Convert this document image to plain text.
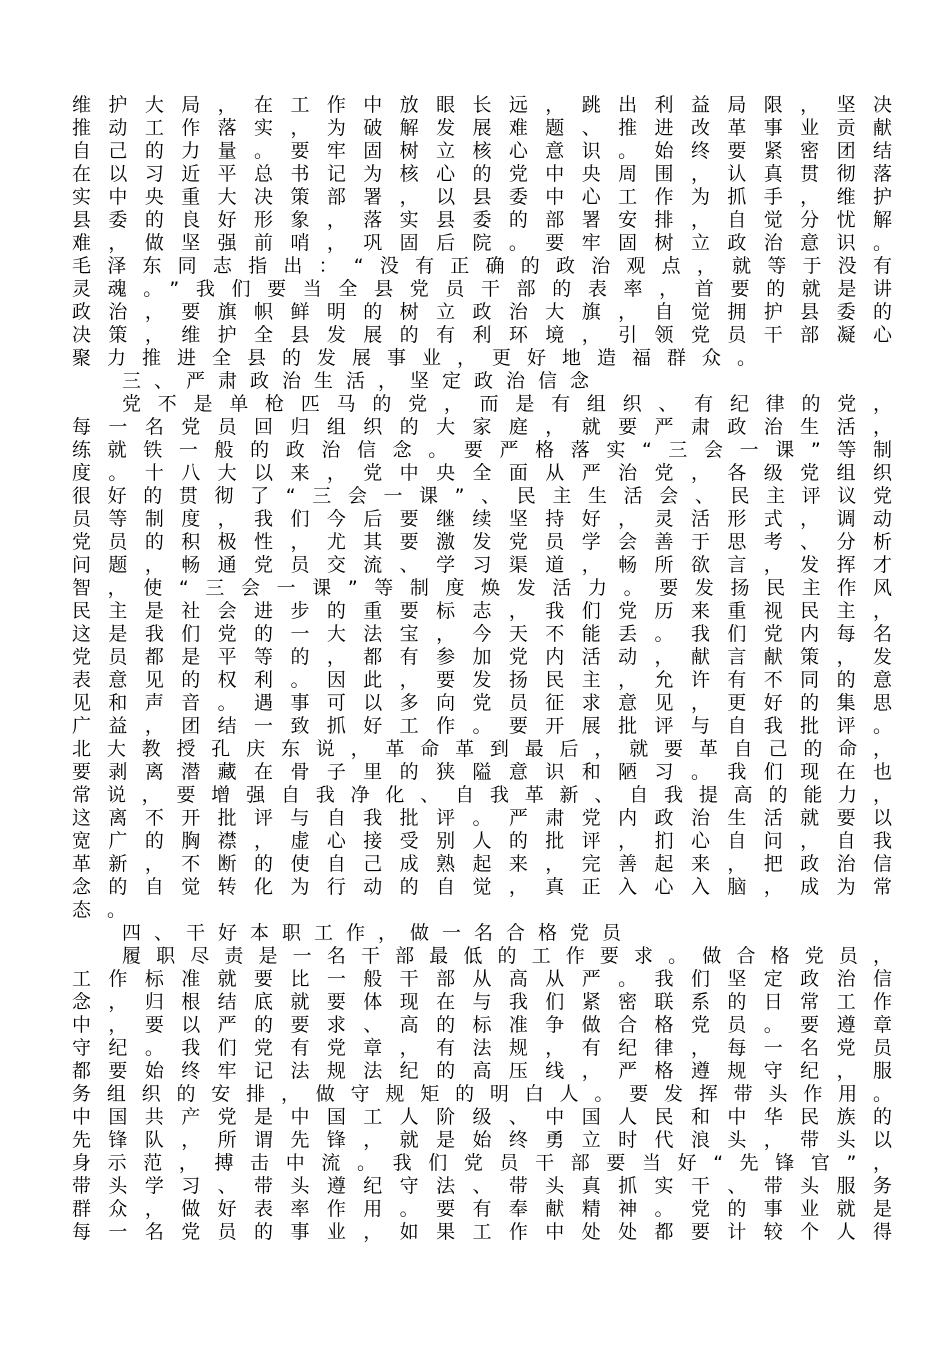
维护大局，在工作中放眼长远，跳出利益局限，坚决
推动工作落实，为破解发展难题、推进改革事业贡献
自己的力量。要牢固树立核心意识。始终要紧密团结
在以习近平总书记为核心的党中央周围，认真贯彻落
实中央重大决策部署，以县委中心工作为抓手，维护
县委的良好形象，落实县委的部署安排，自觉分忧解
难，做坚强前哨，巩固后院。要牢固树立政治意识。
毛泽东同志指出：“没有正确的政治观点，就等于没有
灵魂。”我们要当全县党员干部的表率，首要的就是讲
政治，要旗帜鲜明的树立政治大旗，自觉拥护县委的
决策，维护全县发展的有利环境，引领党员干部凝心
聚力推进全县的发展事业，更好地造福群众。
三、严肃政治生活，坚定政治信念
党不是单枪匹马的党，而是有组织、有纪律的党，
每一名党员回归组织的大家庭，就要严肃政治生活，
练就铁一般的政治信念。要严格落实“三会一课”等制
度。十八大以来，党中央全面从严治党，各级党组织
很好的贯彻了“三会一课”、民主生活会、民主评议党
员等制度，我们今后要继续坚持好，灵活形式，调动
党员的积极性，尤其要激发党员学会善于思考、分析
问题，畅通党员交流、学习渠道，畅所欲言，发挥才
智，使“三会一课”等制度焕发活力。要发扬民主作风
民主是社会进步的重要标志，我们党历来重视民主，
这是我们党的一大法宝，今天不能丢。我们党内每名
党员都是平等的，都有参加党内活动，献言献策，发
表意见的权利。因此，要发扬民主，允许有不同的意
见和声音。遇事可以多向党员征求意见，更好的集思
广益，团结一致抓好工作。要开展批评与自我批评。
北大教授孔庆东说，革命革到最后，就要革自己的命，
要剥离潜藏在骨子里的狭隘意识和陋习。我们现在也
常说，要增强自我净化、自我革新、自我提高的能力，
这离不开批评与自我批评。严肃党内政治生活就要以
宽广的胸襟，虚心接受别人的批评，扪心自问，自我
革新，不断的使自己成熟起来，完善起来，把政治信
念的自觉转化为行动的自觉，真正入心入脑，成为常
态。
四、干好本职工作，做一名合格党员
履职尽责是一名干部最低的工作要求。做合格党员，
工作标准就要比一般干部从高从严。我们坚定政治信
念，归根结底就要体现在与我们紧密联系的日常工作
中，要以严的要求、高的标准争做合格党员。要遵章
守纪。我们党有党章，有法规，有纪律，每一名党员
都要始终牢记法规法纪的高压线，严格遵规守纪，服
务组织的安排，做守规矩的明白人。要发挥带头作用。
中国共产党是中国工人阶级、中国人民和中华民族的
先锋队，所谓先锋，就是始终勇立时代浪头，带头以
身示范，搏击中流。我们党员干部要当好“先锋官”，
带头学习、带头遵纪守法、带头真抓实干、带头服务
群众，做好表率作用。要有奉献精神。党的事业就是
每一名党员的事业，如果工作中处处都要计较个人得
